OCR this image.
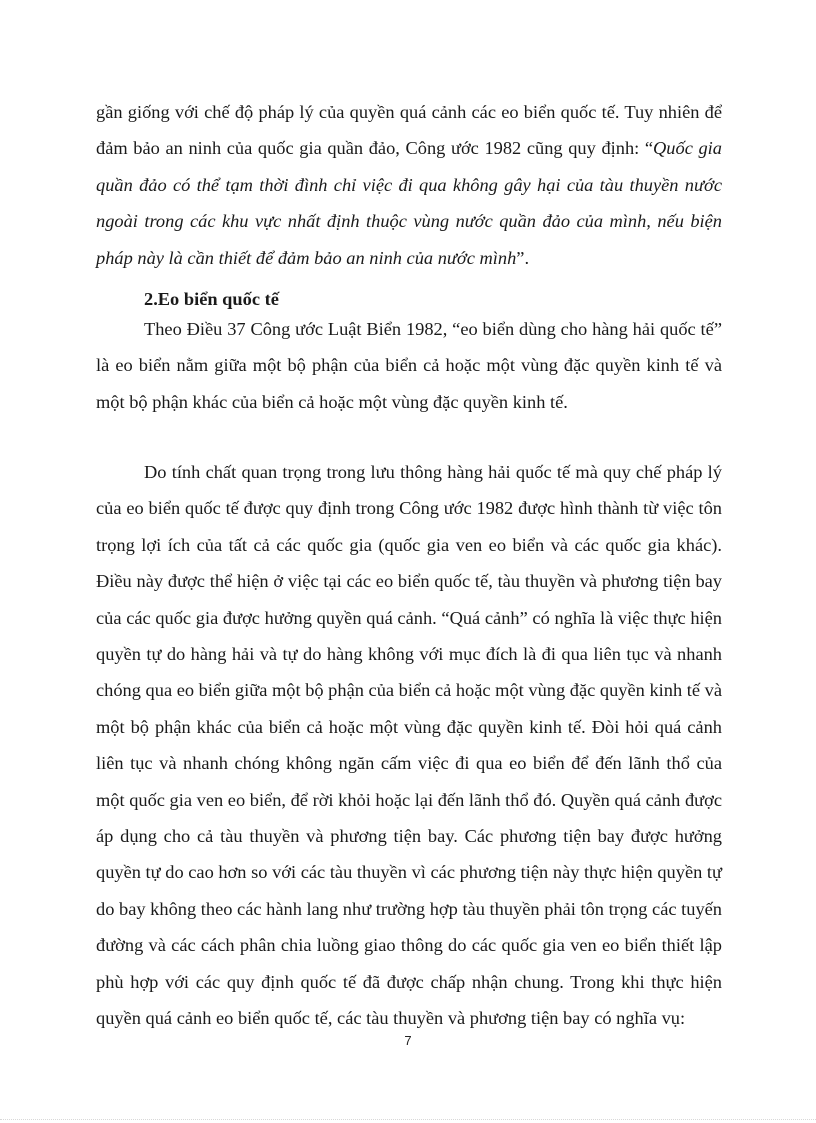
gần giống với chế độ pháp lý của quyền quá cảnh các eo biển quốc tế. Tuy nhiên để đảm bảo an ninh của quốc gia quần đảo, Công ước 1982 cũng quy định: “Quốc gia quần đảo có thể tạm thời đình chỉ việc đi qua không gây hại của tàu thuyền nước ngoài trong các khu vực nhất định thuộc vùng nước quần đảo của mình, nếu biện pháp này là cần thiết để đảm bảo an ninh của nước mình”.

2.Eo biển quốc tế

Theo Điều 37 Công ước Luật Biển 1982, “eo biển dùng cho hàng hải quốc tế” là eo biển nằm giữa một bộ phận của biển cả hoặc một vùng đặc quyền kinh tế và một bộ phận khác của biển cả hoặc một vùng đặc quyền kinh tế.

Do tính chất quan trọng trong lưu thông hàng hải quốc tế mà quy chế pháp lý của eo biển quốc tế được quy định trong Công ước 1982 được hình thành từ việc tôn trọng lợi ích của tất cả các quốc gia (quốc gia ven eo biển và các quốc gia khác). Điều này được thể hiện ở việc tại các eo biển quốc tế, tàu thuyền và phương tiện bay của các quốc gia được hưởng quyền quá cảnh. “Quá cảnh” có nghĩa là việc thực hiện quyền tự do hàng hải và tự do hàng không với mục đích là đi qua liên tục và nhanh chóng qua eo biển giữa một bộ phận của biển cả hoặc một vùng đặc quyền kinh tế và một bộ phận khác của biển cả hoặc một vùng đặc quyền kinh tế. Đòi hỏi quá cảnh liên tục và nhanh chóng không ngăn cấm việc đi qua eo biển để đến lãnh thổ của một quốc gia ven eo biển, để rời khỏi hoặc lại đến lãnh thổ đó. Quyền quá cảnh được áp dụng cho cả tàu thuyền và phương tiện bay. Các phương tiện bay được hưởng quyền tự do cao hơn so với các tàu thuyền vì các phương tiện này thực hiện quyền tự do bay không theo các hành lang như trường hợp tàu thuyền phải tôn trọng các tuyến đường và các cách phân chia luồng giao thông do các quốc gia ven eo biển thiết lập phù hợp với các quy định quốc tế đã được chấp nhận chung. Trong khi thực hiện quyền quá cảnh eo biển quốc tế, các tàu thuyền và phương tiện bay có nghĩa vụ:

7
